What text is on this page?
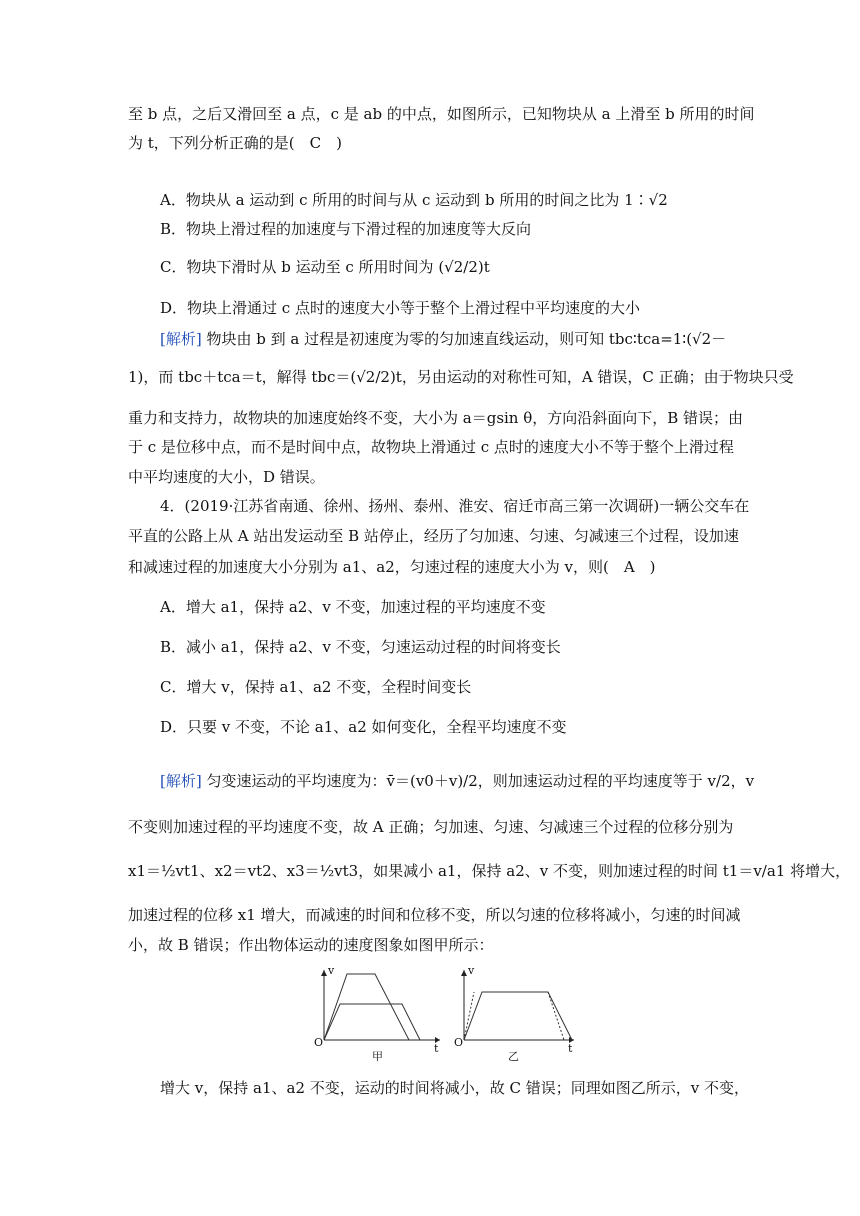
至 b 点，之后又滑回至 a 点，c 是 ab 的中点，如图所示，已知物块从 a 上滑至 b 所用的时间
为 t，下列分析正确的是(　C　)
A．物块从 a 运动到 c 所用的时间与从 c 运动到 b 所用的时间之比为 1∶√2
B．物块上滑过程的加速度与下滑过程的加速度等大反向
C．物块下滑时从 b 运动至 c 所用时间为 (√2/2)t
D．物块上滑通过 c 点时的速度大小等于整个上滑过程中平均速度的大小
[解析] 物块由 b 到 a 过程是初速度为零的匀加速直线运动，则可知 tbc∶tca=1∶(√2－
1)，而 tbc＋tca＝t，解得 tbc＝(√2/2)t，另由运动的对称性可知，A 错误，C 正确；由于物块只受
重力和支持力，故物块的加速度始终不变，大小为 a＝gsin θ，方向沿斜面向下，B 错误；由
于 c 是位移中点，而不是时间中点，故物块上滑通过 c 点时的速度大小不等于整个上滑过程
中平均速度的大小，D 错误。
4．(2019·江苏省南通、徐州、扬州、泰州、淮安、宿迁市高三第一次调研)一辆公交车在
平直的公路上从 A 站出发运动至 B 站停止，经历了匀加速、匀速、匀减速三个过程，设加速
和减速过程的加速度大小分别为 a1、a2，匀速过程的速度大小为 v，则(　A　)
A．增大 a1，保持 a2、v 不变，加速过程的平均速度不变
B．减小 a1，保持 a2、v 不变，匀速运动过程的时间将变长
C．增大 v，保持 a1、a2 不变，全程时间变长
D．只要 v 不变，不论 a1、a2 如何变化，全程平均速度不变
[解析] 匀变速运动的平均速度为：v̄＝(v0＋v)/2，则加速运动过程的平均速度等于 v/2，v
不变则加速过程的平均速度不变，故 A 正确；匀加速、匀速、匀减速三个过程的位移分别为
x1＝½vt1、x2＝vt2、x3＝½vt3，如果减小 a1，保持 a2、v 不变，则加速过程的时间 t1＝v/a1 将增大，
加速过程的位移 x1 增大，而减速的时间和位移不变，所以匀速的位移将减小，匀速的时间减
小，故 B 错误；作出物体运动的速度图象如图甲所示：
v
O	t
甲
v
O	t
乙
增大 v，保持 a1、a2 不变，运动的时间将减小，故 C 错误；同理如图乙所示，v 不变，
